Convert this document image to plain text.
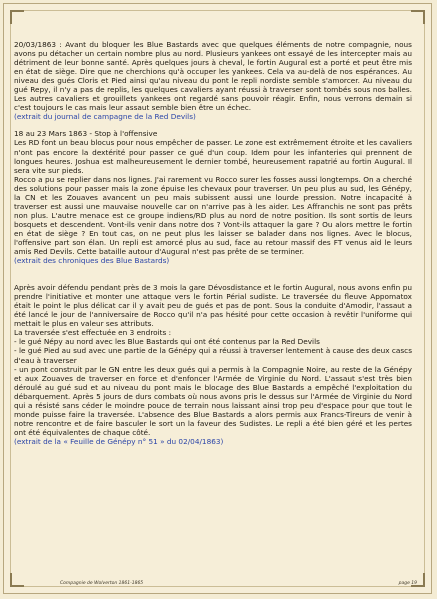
20/03/1863 : Avant du bloquer les Blue Bastards avec que quelques éléments de notre compagnie, nous avons pu détacher un certain nombre plus au nord. Plusieurs yankees ont essayé de les intercepter mais au détriment de leur bonne santé. Après quelques jours à cheval, le fortin Augural est a porté et peut être mis en état de siège. Dire que ne cherchions qu'à occuper les yankees. Cela va au-delà de nos espérances. Au niveau des gués Cloris et Pied ainsi qu'au niveau du pont le repli nordiste semble s'amorcer. Au niveau du gué Repy, il n'y a pas de replis, les quelques cavaliers ayant réussi à traverser sont tombés sous nos balles. Les autres cavaliers et grouillets yankees ont regardé sans pouvoir réagir. Enfin, nous verrons demain si c'est toujours le cas mais leur assaut semble bien être un échec.

(extrait du journal de campagne de la Red Devils)

18 au 23 Mars 1863 - Stop à l'offensive
Les RD font un beau blocus pour nous empêcher de passer. Le zone est extrêmement étroite et les cavaliers n'ont pas encore la dextérité pour passer ce gué d'un coup. Idem pour les infanteries qui prennent de longues heures. Joshua est malheureusement le dernier tombé, heureusement rapatrié au fortin Augural. Il sera vite sur pieds.
Rocco a pu se replier dans nos lignes. J'ai rarement vu Rocco surer les fosses aussi longtemps. On a cherché des solutions pour passer mais la zone épuise les chevaux pour traverser. Un peu plus au sud, les Génépy, la CN et les Zouaves avancent un peu mais subissent aussi une lourde pression. Notre incapacité à traverser est aussi une mauvaise nouvelle car on n'arrive pas à les aider. Les Affranchis ne sont pas prêts non plus. L'autre menace est ce groupe indiens/RD plus au nord de notre position. Ils sont sortis de leurs bosquets et descendent. Vont-ils venir dans notre dos ? Vont-ils attaquer la gare ? Ou alors mettre le fortin en état de siège ? En tout cas, on ne peut plus les laisser se balader dans nos lignes. Avec le blocus, l'offensive part son élan. Un repli est amorcé plus au sud, face au retour massif des FT venus aid le leurs amis Red Devils. Cette bataille autour d'Augural n'est pas prête de se terminer.

(extrait des chroniques des Blue Bastards)

Après avoir défendu pendant près de 3 mois la gare Dévosdistance et le fortin Augural, nous avons enfin pu prendre l'initiative et monter une attaque vers le fortin Périal sudiste. Le traversée du fleuve Appomatox était le point le plus délicat car il y avait peu de gués et pas de pont. Sous la conduite d'Amodir, l'assaut a été lancé le jour de l'anniversaire de Rocco qu'il n'a pas hésité pour cette occasion à revêtir l'uniforme qui mettait le plus en valeur ses attributs.
La traversée s'est effectuée en 3 endroits :
- le gué Népy au nord avec les Blue Bastards qui ont été contenus par la Red Devils
- le gué Pied au sud avec une partie de la Génépy qui a réussi à traverser lentement à cause des deux cascs d'eau à traverser
- un pont construit par le GN entre les deux gués qui a permis à la Compagnie Noire, au reste de la Génépy et aux Zouaves de traverser en force et d'enfoncer l'Armée de Virginie du Nord. L'assaut s'est très bien déroulé au gué sud et au niveau du pont mais le blocage des Blue Bastards a empêché l'exploitation du débarquement. Après 5 jours de durs combats où nous avons pris le dessus sur l'Armée de Virginie du Nord qui a résisté sans céder le moindre pouce de terrain nous laissant ainsi trop peu d'espace pour que tout le monde puisse faire la traversée. L'absence des Blue Bastards a alors permis aux Francs-Tireurs de venir à notre rencontre et de faire basculer le sort un la faveur des Sudistes. Le repli a été bien géré et les pertes ont été équivalentes de chaque côté.

(extrait de la « Feuille de Génépy n° 51 » du 02/04/1863)

Compagnie de Wolverton 1861-1865	page 19
